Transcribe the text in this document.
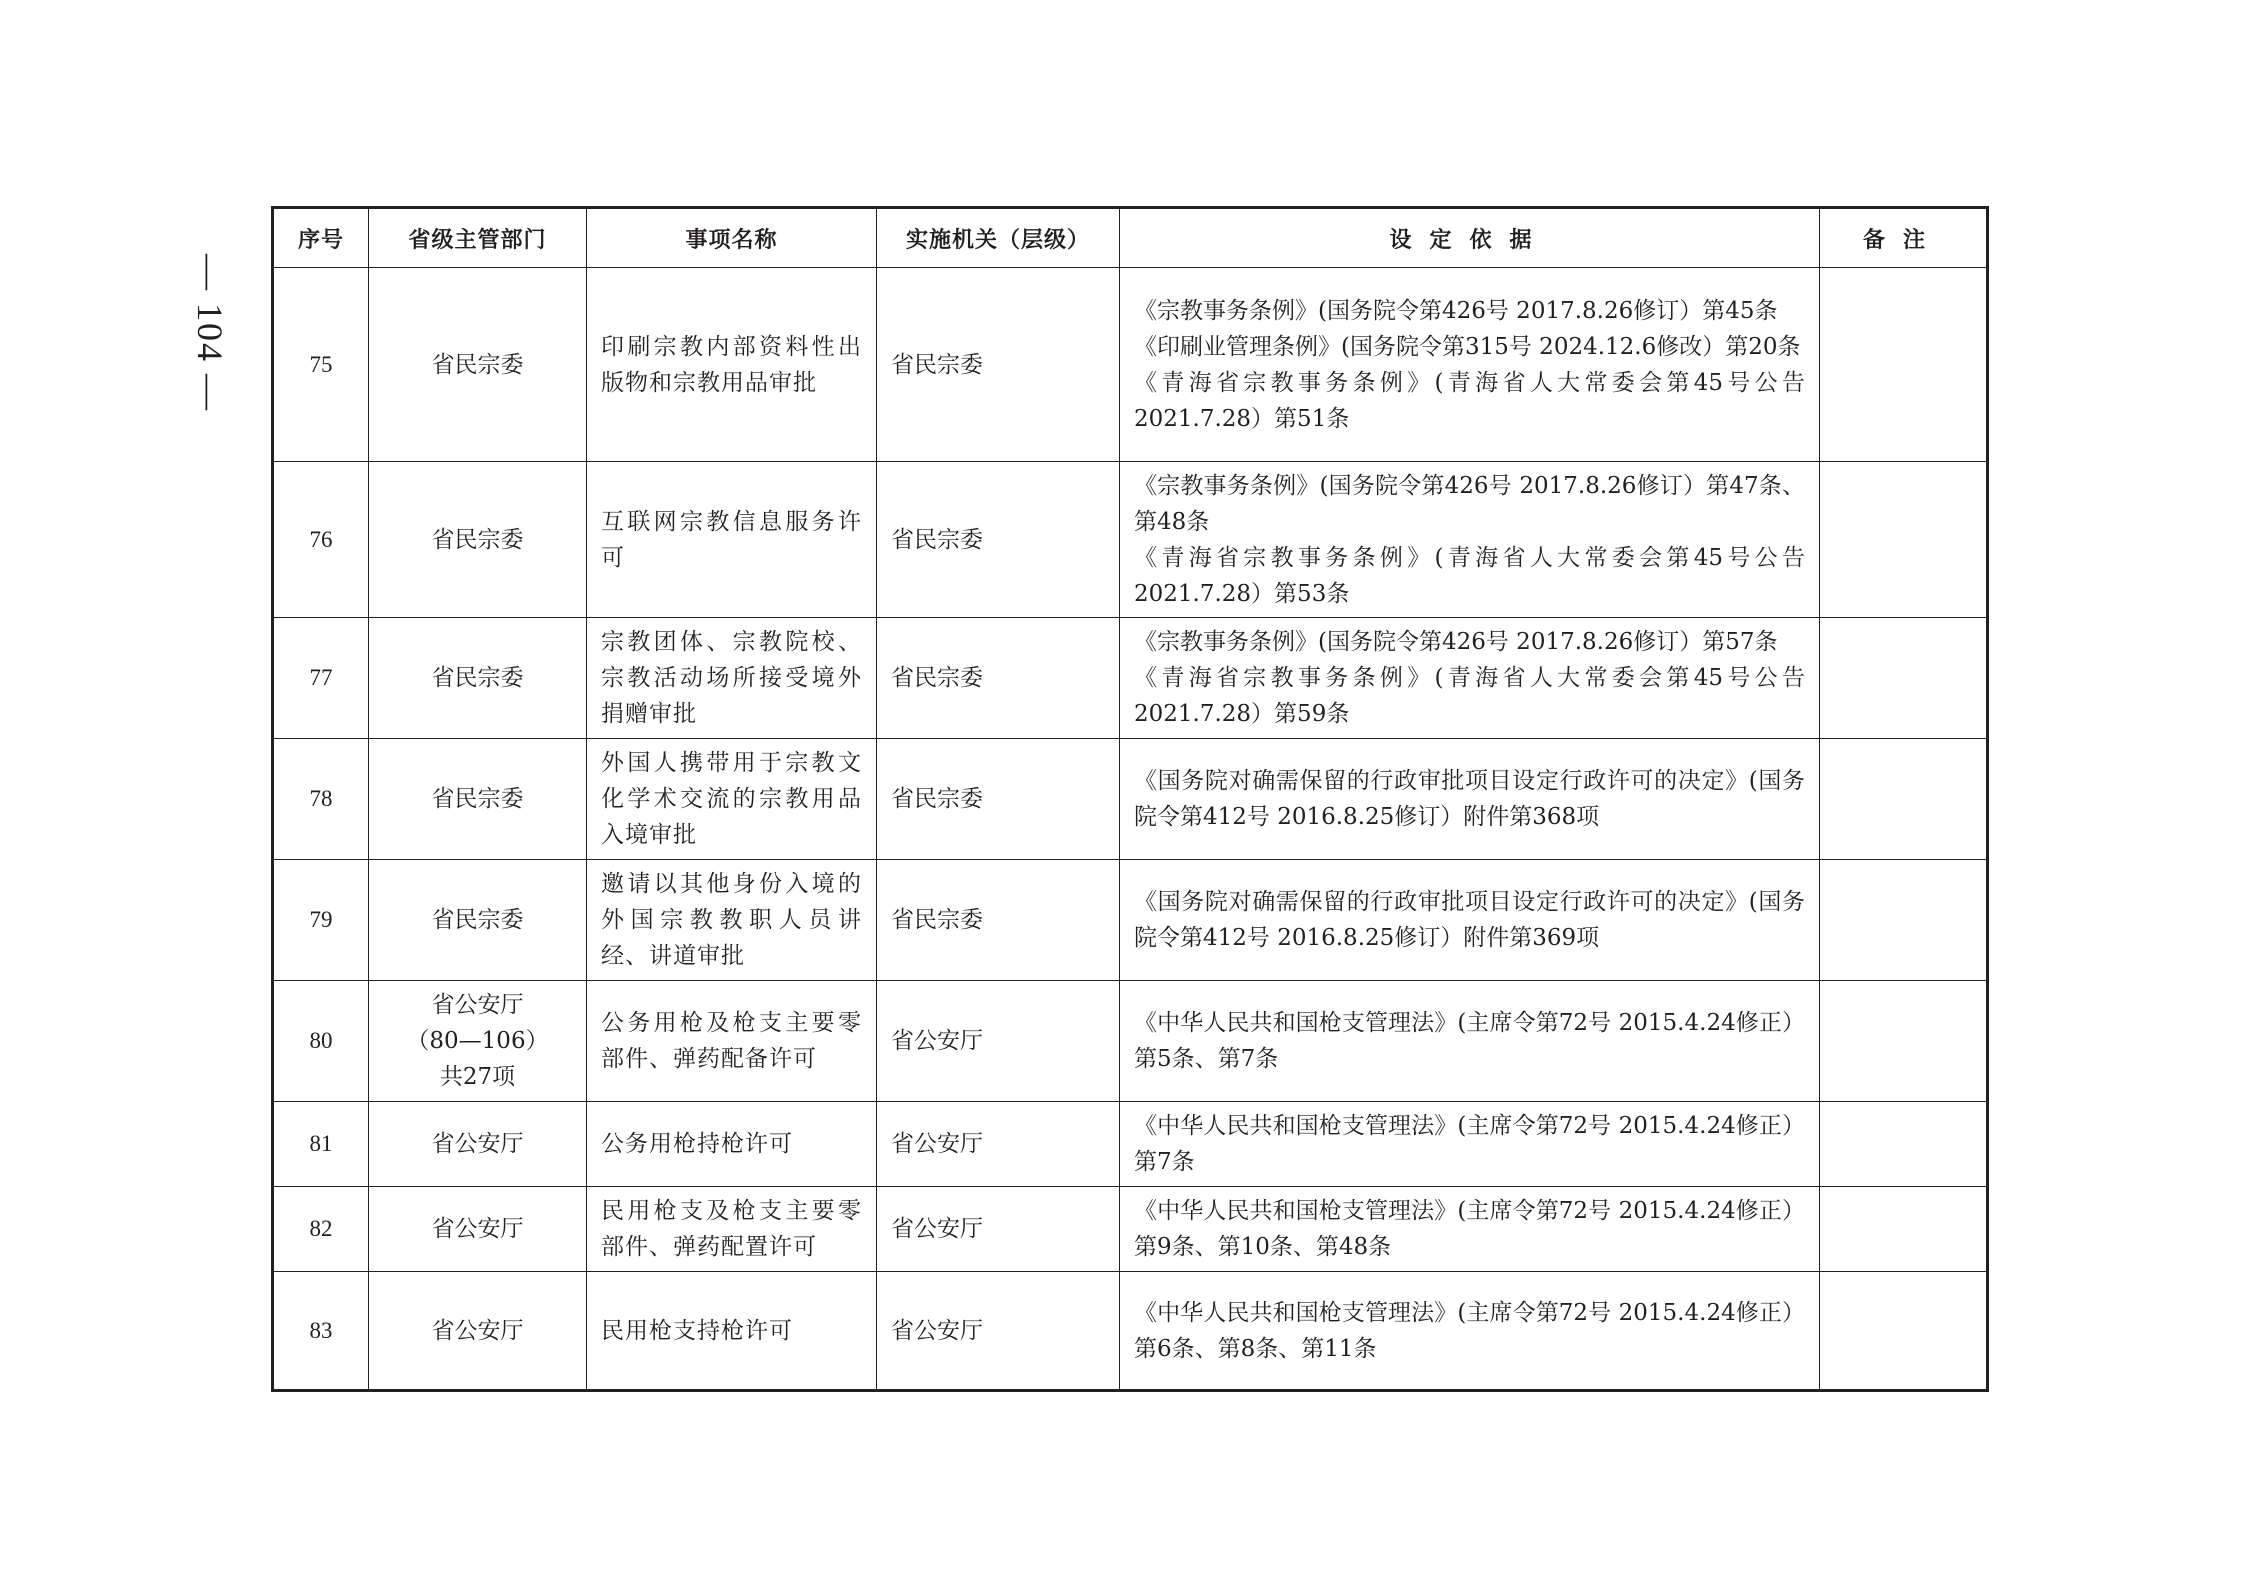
— 104 —
序号	省级主管部门	事项名称	实施机关（层级）	设定依据	备注
75	省民宗委	印刷宗教内部资料性出版物和宗教用品审批	省民宗委	《宗教事务条例》(国务院令第426号 2017.8.26修订）第45条
《印刷业管理条例》(国务院令第315号 2024.12.6修改）第20条
《青海省宗教事务条例》(青海省人大常委会第45号公告2021.7.28）第51条	

76	省民宗委	互联网宗教信息服务许可	省民宗委	《宗教事务条例》(国务院令第426号 2017.8.26修订）第47条、第48条
《青海省宗教事务条例》(青海省人大常委会第45号公告2021.7.28）第53条	

77	省民宗委	宗教团体、宗教院校、宗教活动场所接受境外捐赠审批	省民宗委	《宗教事务条例》(国务院令第426号 2017.8.26修订）第57条
《青海省宗教事务条例》(青海省人大常委会第45号公告2021.7.28）第59条	

78	省民宗委	外国人携带用于宗教文化学术交流的宗教用品入境审批	省民宗委	《国务院对确需保留的行政审批项目设定行政许可的决定》(国务院令第412号 2016.8.25修订）附件第368项	

79	省民宗委	邀请以其他身份入境的外国宗教教职人员讲经、讲道审批	省民宗委	《国务院对确需保留的行政审批项目设定行政许可的决定》(国务院令第412号 2016.8.25修订）附件第369项	

80	省公安厅
（80—106）
共27项	公务用枪及枪支主要零部件、弹药配备许可	省公安厅	《中华人民共和国枪支管理法》(主席令第72号 2015.4.24修正）第5条、第7条	

81	省公安厅	公务用枪持枪许可	省公安厅	《中华人民共和国枪支管理法》(主席令第72号 2015.4.24修正）第7条	

82	省公安厅	民用枪支及枪支主要零部件、弹药配置许可	省公安厅	《中华人民共和国枪支管理法》(主席令第72号 2015.4.24修正）第9条、第10条、第48条	

83	省公安厅	民用枪支持枪许可	省公安厅	《中华人民共和国枪支管理法》(主席令第72号 2015.4.24修正）第6条、第8条、第11条	
